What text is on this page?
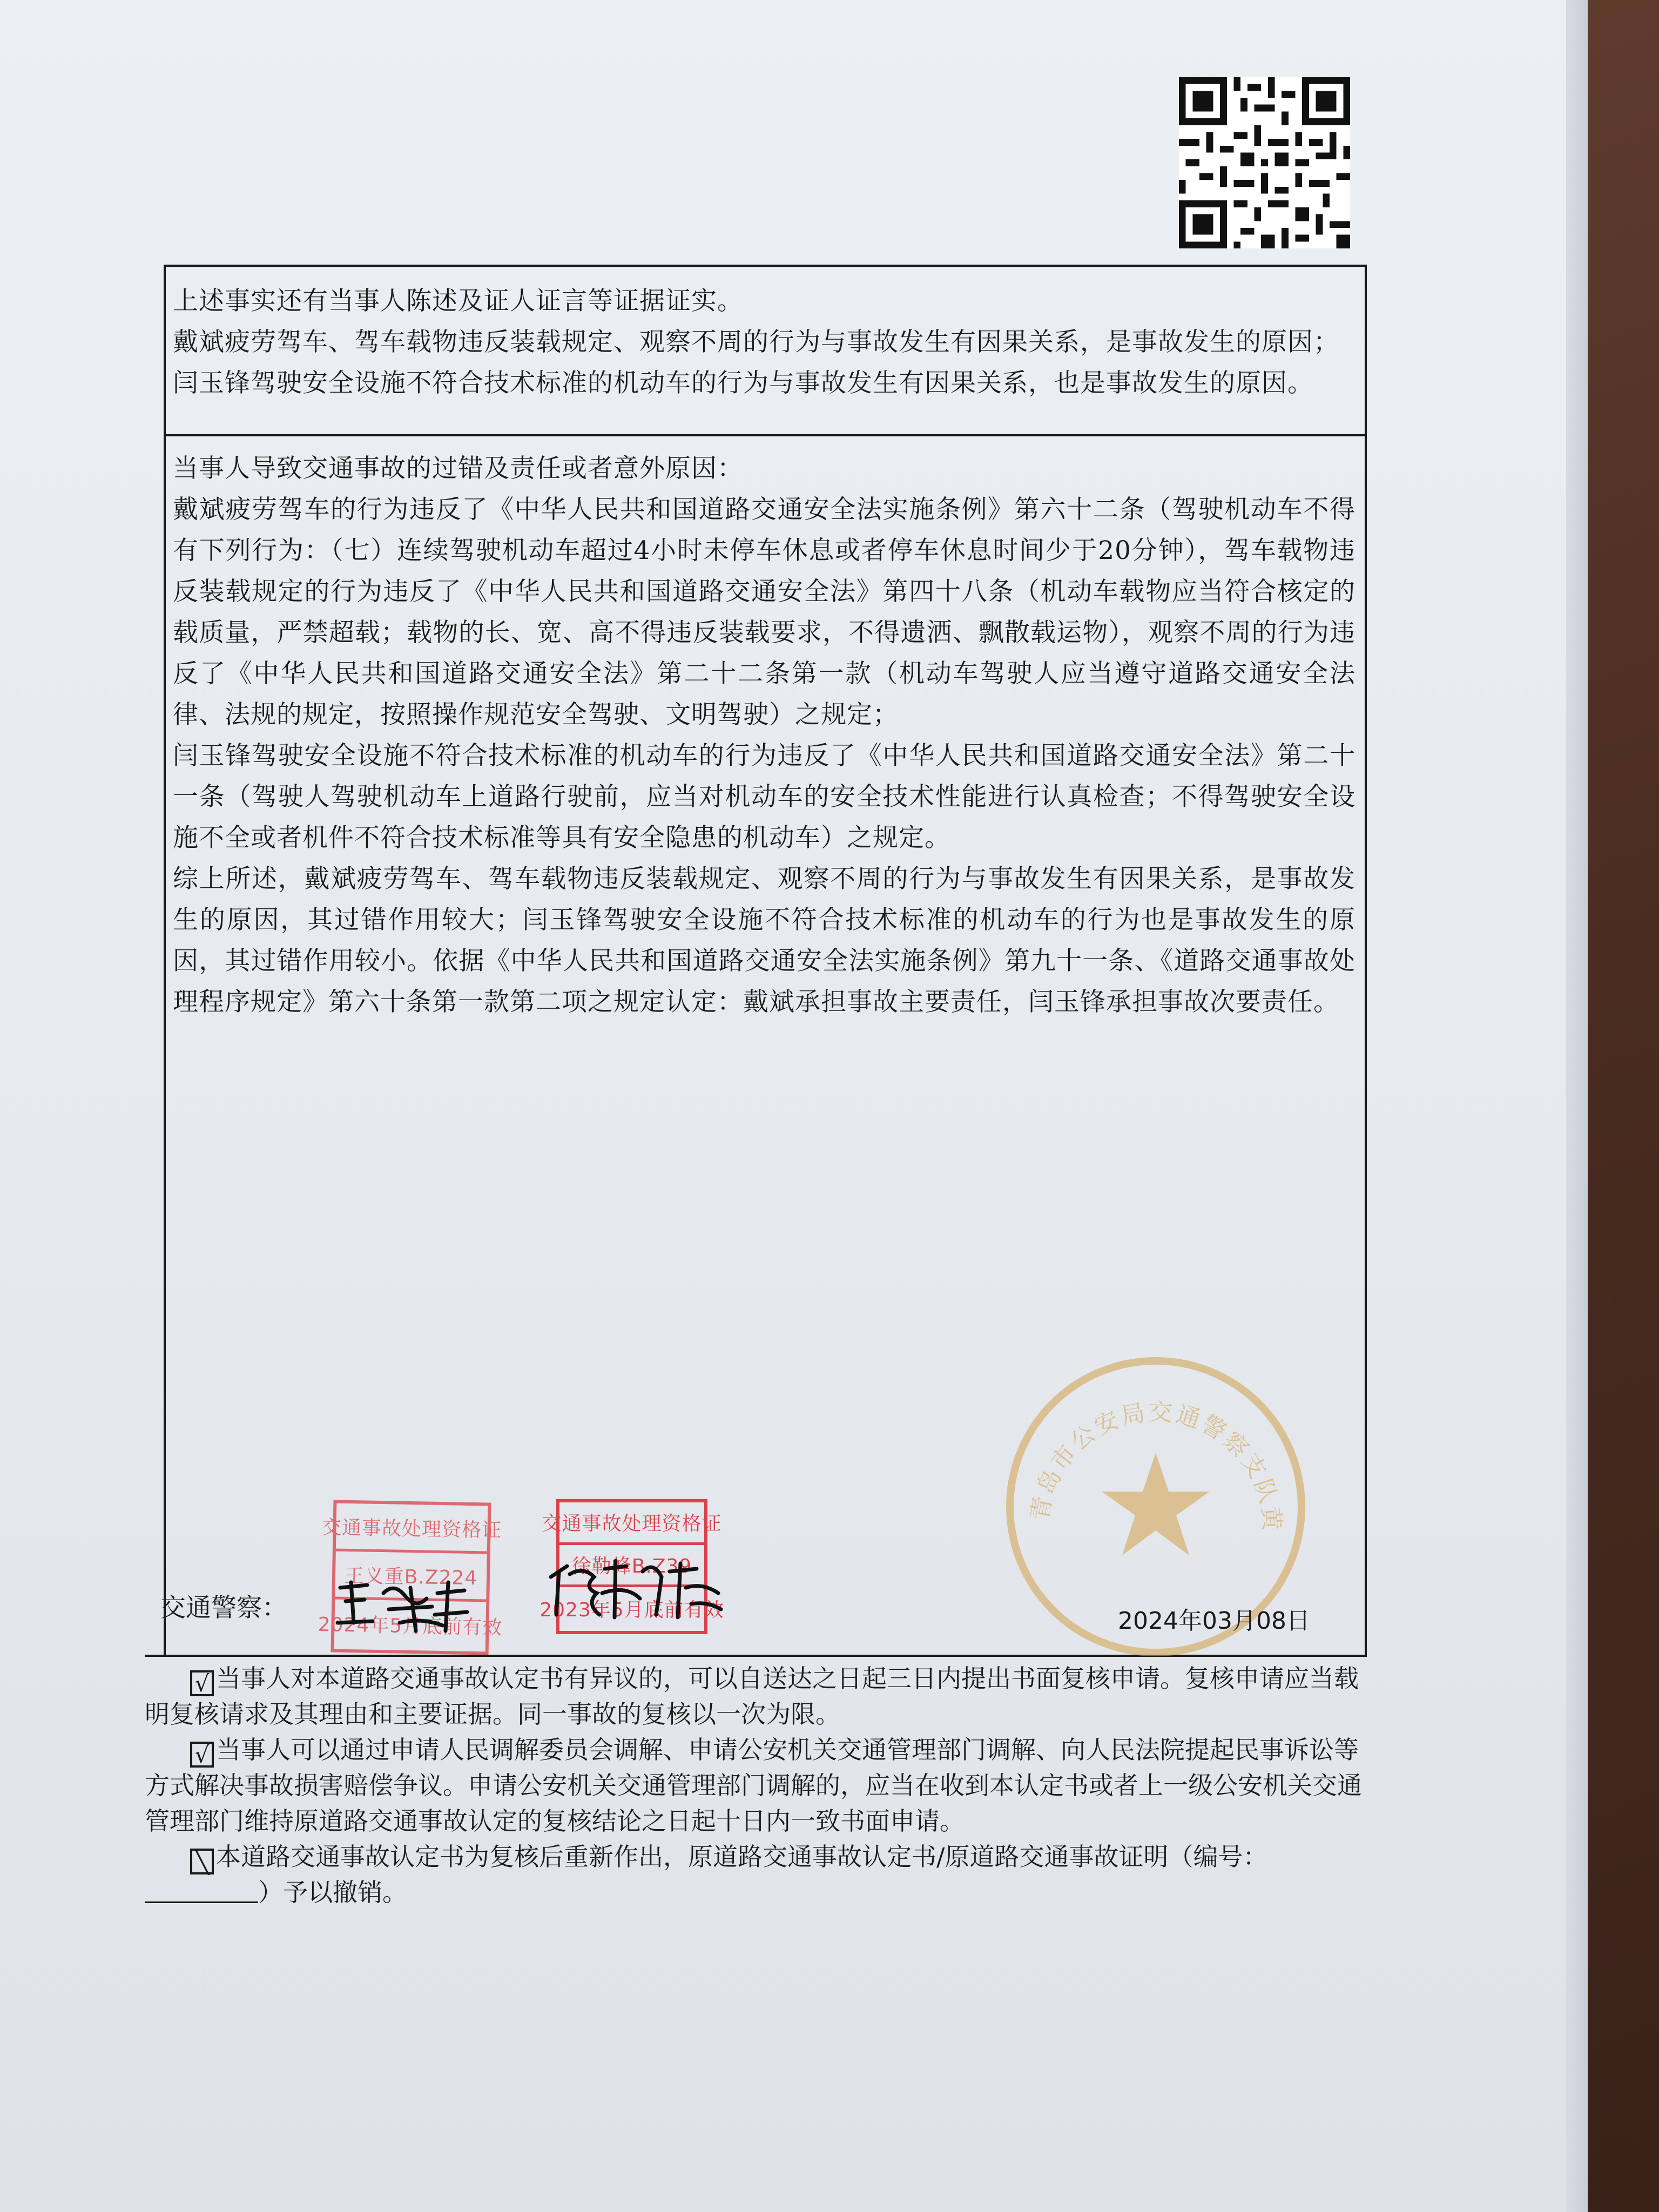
上述事实还有当事人陈述及证人证言等证据证实。
戴斌疲劳驾车、驾车载物违反装载规定、观察不周的行为与事故发生有因果关系，是事故发生的原因；闫玉锋驾驶安全设施不符合技术标准的机动车的行为与事故发生有因果关系，也是事故发生的原因。
当事人导致交通事故的过错及责任或者意外原因：
戴斌疲劳驾车的行为违反了《中华人民共和国道路交通安全法实施条例》第六十二条（驾驶机动车不得有下列行为：（七）连续驾驶机动车超过4小时未停车休息或者停车休息时间少于20分钟），驾车载物违反装载规定的行为违反了《中华人民共和国道路交通安全法》第四十八条（机动车载物应当符合核定的载质量，严禁超载；载物的长、宽、高不得违反装载要求，不得遗洒、飘散载运物），观察不周的行为违反了《中华人民共和国道路交通安全法》第二十二条第一款（机动车驾驶人应当遵守道路交通安全法律、法规的规定，按照操作规范安全驾驶、文明驾驶）之规定；
闫玉锋驾驶安全设施不符合技术标准的机动车的行为违反了《中华人民共和国道路交通安全法》第二十一条（驾驶人驾驶机动车上道路行驶前，应当对机动车的安全技术性能进行认真检查；不得驾驶安全设施不全或者机件不符合技术标准等具有安全隐患的机动车）之规定。
综上所述，戴斌疲劳驾车、驾车载物违反装载规定、观察不周的行为与事故发生有因果关系，是事故发生的原因，其过错作用较大；闫玉锋驾驶安全设施不符合技术标准的机动车的行为也是事故发生的原因，其过错作用较小。依据《中华人民共和国道路交通安全法实施条例》第九十一条、《道路交通事故处理程序规定》第六十条第一款第二项之规定认定：戴斌承担事故主要责任，闫玉锋承担事故次要责任。
青岛市公安局交通警察支队黄
交通警察：
交通事故处理资格证
王义重B.Z224
2024年5月底前有效
交通事故处理资格证
徐勒峰B.Z39
2023年5月底前有效	2024年03月08日
√ 当事人对本道路交通事故认定书有异议的，可以自送达之日起三日内提出书面复核申请。复核申请应当载明复核请求及其理由和主要证据。同一事故的复核以一次为限。
√ 当事人可以通过申请人民调解委员会调解、申请公安机关交通管理部门调解、向人民法院提起民事诉讼等方式解决事故损害赔偿争议。申请公安机关交通管理部门调解的，应当在收到本认定书或者上一级公安机关交通管理部门维持原道路交通事故认定的复核结论之日起十日内一致书面申请。
╲ 本道路交通事故认定书为复核后重新作出，原道路交通事故认定书/原道路交通事故证明（编号：）予以撤销。
